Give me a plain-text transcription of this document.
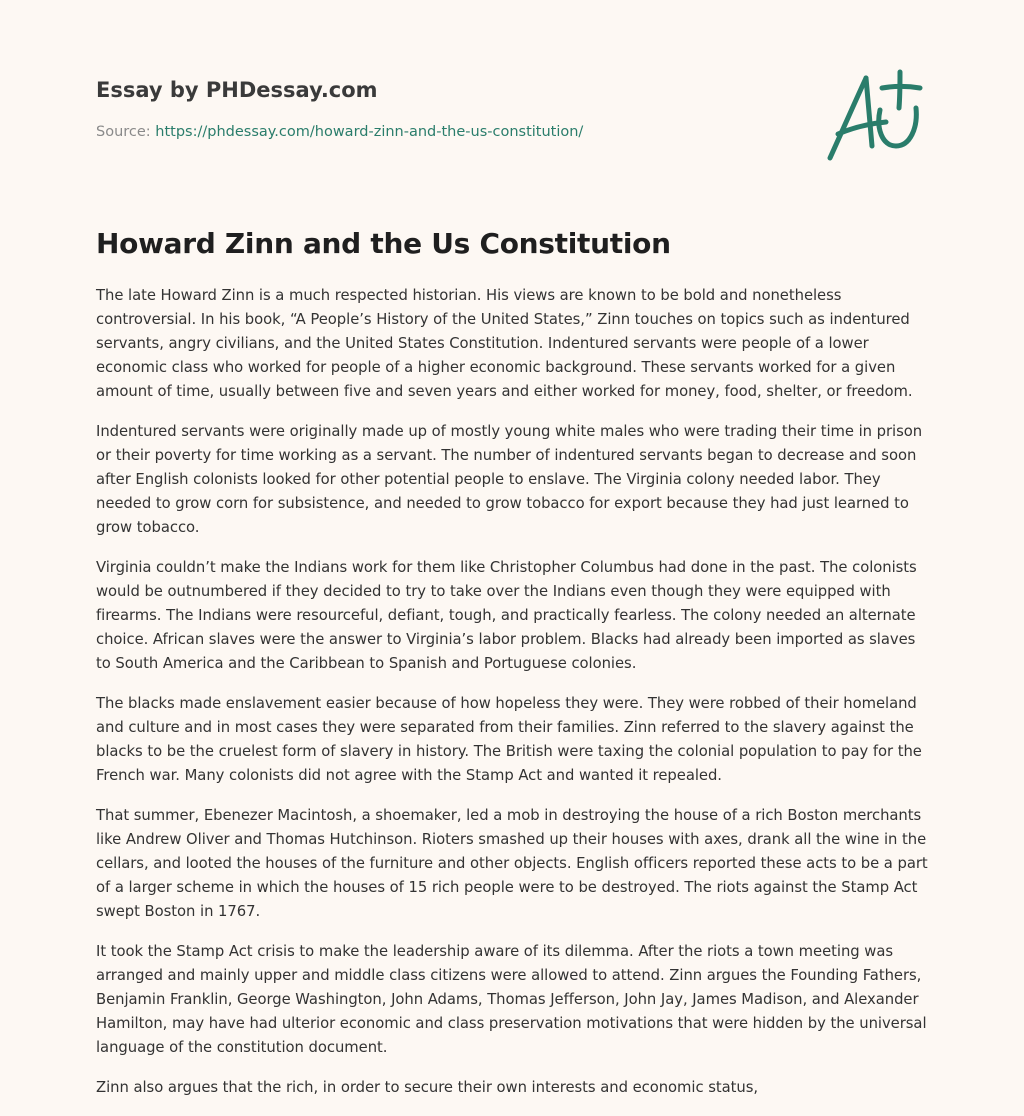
Essay by PHDessay.com
Source: https://phdessay.com/howard-zinn-and-the-us-constitution/
Howard Zinn and the Us Constitution

The late Howard Zinn is a much respected historian. His views are known to be bold and nonetheless controversial. In his book, “A People’s History of the United States,” Zinn touches on topics such as indentured servants, angry civilians, and the United States Constitution. Indentured servants were people of a lower economic class who worked for people of a higher economic background. These servants worked for a given amount of time, usually between five and seven years and either worked for money, food, shelter, or freedom.

Indentured servants were originally made up of mostly young white males who were trading their time in prison or their poverty for time working as a servant. The number of indentured servants began to decrease and soon after English colonists looked for other potential people to enslave. The Virginia colony needed labor. They needed to grow corn for subsistence, and needed to grow tobacco for export because they had just learned to grow tobacco.

Virginia couldn’t make the Indians work for them like Christopher Columbus had done in the past. The colonists would be outnumbered if they decided to try to take over the Indians even though they were equipped with firearms. The Indians were resourceful, defiant, tough, and practically fearless. The colony needed an alternate choice. African slaves were the answer to Virginia’s labor problem. Blacks had already been imported as slaves to South America and the Caribbean to Spanish and Portuguese colonies.

The blacks made enslavement easier because of how hopeless they were. They were robbed of their homeland and culture and in most cases they were separated from their families. Zinn referred to the slavery against the blacks to be the cruelest form of slavery in history. The British were taxing the colonial population to pay for the French war. Many colonists did not agree with the Stamp Act and wanted it repealed.

That summer, Ebenezer Macintosh, a shoemaker, led a mob in destroying the house of a rich Boston merchants like Andrew Oliver and Thomas Hutchinson. Rioters smashed up their houses with axes, drank all the wine in the cellars, and looted the houses of the furniture and other objects. English officers reported these acts to be a part of a larger scheme in which the houses of 15 rich people were to be destroyed. The riots against the Stamp Act swept Boston in 1767.

It took the Stamp Act crisis to make the leadership aware of its dilemma. After the riots a town meeting was arranged and mainly upper and middle class citizens were allowed to attend. Zinn argues the Founding Fathers, Benjamin Franklin, George Washington, John Adams, Thomas Jefferson, John Jay, James Madison, and Alexander Hamilton, may have had ulterior economic and class preservation motivations that were hidden by the universal language of the constitution document.

Zinn also argues that the rich, in order to secure their own interests and economic status,
